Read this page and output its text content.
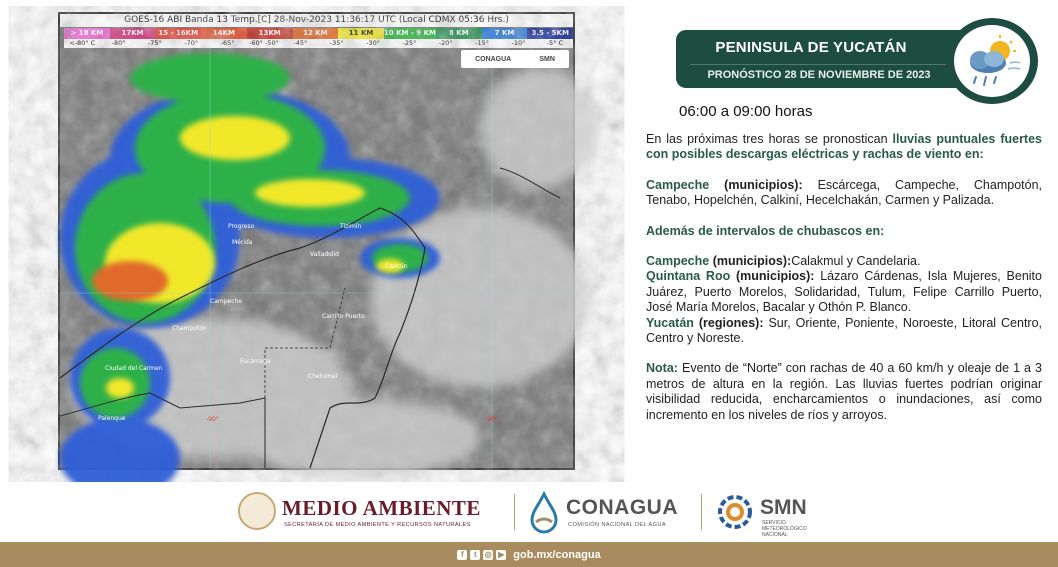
GOES-16 ABI Banda 13 Temp.[C] 28-Nov-2023 11:36:17 UTC (Local CDMX 05:36 Hrs.)
> 18 KM	17KM	15 - 16KM	14KM	13KM	12 KM	11 KM	10 KM - 9 KM	8 KM	7 KM	3.5 - 5KM
<-80° C	-80°	-75°	-70°	-65°	-60° -50°	-45°	-35°	-30°	-25°	-20°	-15°	-10°	-5° C
Progreso
Mérida
Valladolid
Cancún
Tizimín
Campeche
Carrillo Puerto
Champotón
Chetumal
Ciudad del Carmen
Palenque
Escárcega
-90°	-90°
CONAGUA	SMN
PENINSULA DE YUCATÁN
PRONÓSTICO 28 DE NOVIEMBRE DE 2023
06:00 a 09:00 horas

En las próximas tres horas se pronostican lluvias puntuales fuertes con posibles descargas eléctricas y rachas de viento en:

Campeche (municipios): Escárcega, Campeche, Champotón, Tenabo, Hopelchén, Calkiní, Hecelchakán, Carmen y Palizada.

Además de intervalos de chubascos en:

Campeche (municipios):Calakmul y Candelaria.

Quintana Roo (municipios): Lázaro Cárdenas, Isla Mujeres, Benito Juárez, Puerto Morelos, Solidaridad, Tulum, Felipe Carrillo Puerto, José María Morelos, Bacalar y Othón P. Blanco.

Yucatán (regiones): Sur, Oriente, Poniente, Noroeste, Litoral Centro, Centro y Noreste.

Nota: Evento de “Norte” con rachas de 40 a 60 km/h y oleaje de 1 a 3 metros de altura en la región. Las lluvias fuertes podrían originar visibilidad reducida, encharcamientos o inundaciones, así como incremento en los niveles de ríos y arroyos.

MEDIO AMBIENTE
SECRETARÍA DE MEDIO AMBIENTE Y RECURSOS NATURALES
CONAGUA
COMISIÓN NACIONAL DEL AGUA
SMN
SERVICIO METEOROLÓGICO NACIONAL
f	t	◎ ▶ gob.mx/conagua
